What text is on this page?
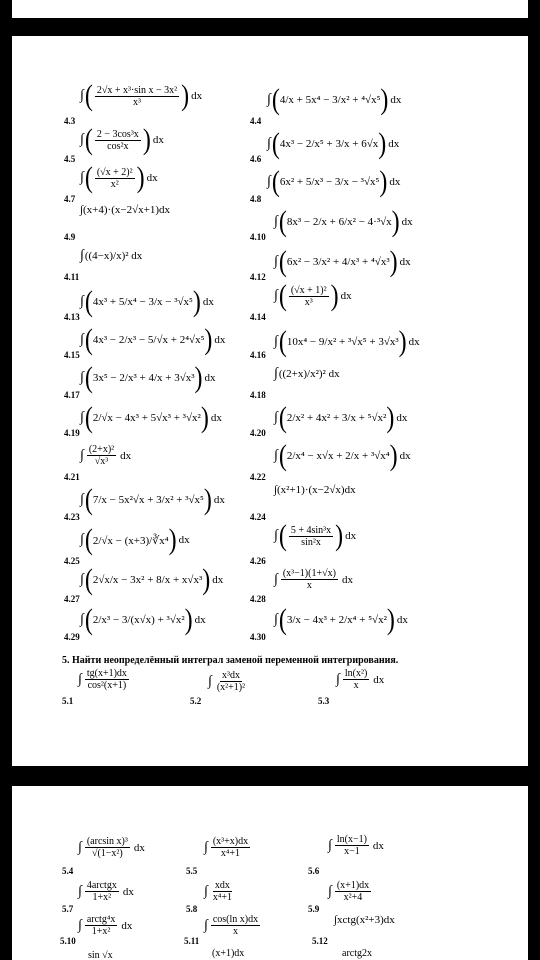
∫ ( $\frac{\text{2√x + x³·sin x − 3x²}}{\text{x³}}$ ) dx
4.3
∫ ( 4/x + 5x⁴ − 3/x² + ⁴√x⁵ ) dx
4.4
∫ ( $\frac{\text{2 − 3cos³x}}{\text{cos²x}}$ ) dx
4.5
∫ ( 4x³ − 2/x⁵ + 3/x + 6√x ) dx
4.6
∫ ( $\frac{\text{(√x + 2)²}}{\text{x²}}$ ) dx
4.7
∫ ( 6x² + 5/x³ − 3/x − ³√x⁵ ) dx
4.8
∫(x+4)·(x−2√x+1)dx
4.9
∫ ( 8x³ − 2/x + 6/x² − 4·³√x ) dx
4.10
∫ ((4−x)/x)² dx
4.11
∫ ( 6x² − 3/x² + 4/x³ + ⁴√x³ ) dx
4.12
∫ ( 4x³ + 5/x⁴ − 3/x − ³√x⁵ ) dx
4.13
∫ ( $\frac{\text{(√x + 1)²}}{\text{x³}}$ ) dx
4.14
∫ ( 4x³ − 2/x³ − 5/√x + 2⁴√x⁵ ) dx
4.15
∫ ( 10x⁴ − 9/x² + ³√x⁵ + 3√x³ ) dx
4.16
∫ ( 3x⁵ − 2/x³ + 4/x + 3√x³ ) dx
4.17
∫ ((2+x)/x²)² dx
4.18
∫ ( 2/√x − 4x³ + 5√x³ + ³√x² ) dx
4.19
∫ ( 2/x² + 4x² + 3/x + ⁵√x² ) dx
4.20
∫ $\frac{\text{(2+x)²}}{\text{√x³}}$ dx
4.21
∫ ( 2/x⁴ − x√x + 2/x + ³√x⁴ ) dx
4.22
∫ ( 7/x − 5x²√x + 3/x² + ³√x⁵ ) dx
4.23
∫(x²+1)·(x−2√x)dx
4.24
∫ ( 2/√x − (x+3)/∛x⁴ ) dx
4.25
∫ ( $\frac{\text{5 + 4sin³x}}{\text{sin²x}}$ ) dx
4.26
∫ ( 2√x/x − 3x² + 8/x + x√x³ ) dx
4.27
∫ $\frac{\text{(x³−1)(1+√x)}}{x}$ dx
4.28
∫ ( 2/x³ − 3/(x√x) + ³√x² ) dx
4.29
∫ ( 3/x − 4x³ + 2/x⁴ + ⁵√x² ) dx
4.30
5. Найти неопределённый интеграл заменой переменной интегрирования.
∫ $\frac{tg(x+1)dx}{\text{cos²(x+1)}}$
5.1
∫ $\frac{\text{x³dx}}{\text{(x²+1)²}}$
5.2
∫ $\frac{\text{ln(x²)}}{x}$ dx
5.3
∫ $\frac{\text{(arcsin x)³}}{\text{√(1−x²)}}$ dx
5.4
∫ $\frac{\text{(x³+x)dx}}{\text{x⁴+1}}$
5.5
∫ $\frac{\ln(x-1)}{x-1}$ dx
5.6
∫ 4arctgx
1+x² dx
5.7
∫ xdx
x⁴+1
5.8
∫ $\frac{(x+1)dx}{\text{x²+4}}$
5.9
∫ arctg⁴x
1+x² dx
5.10
∫ $\frac{\text{cos(ln x)dx}}{x}$
5.11
∫xctg(x²+3)dx
5.12
sin √x	(x+1)dx	arctg2x
